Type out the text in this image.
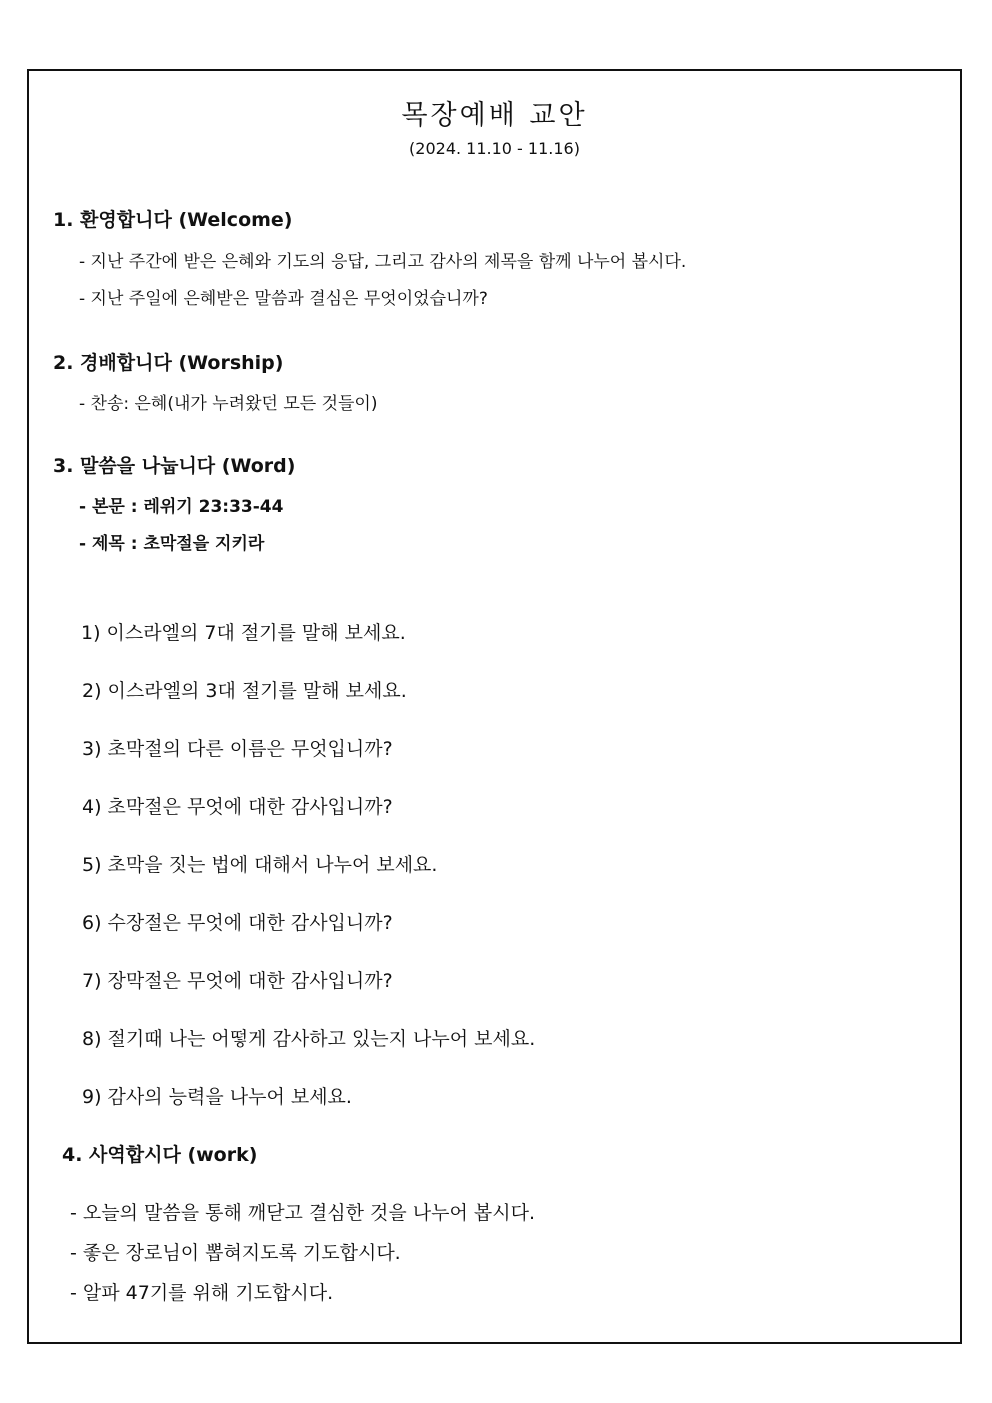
목장예배 교안
(2024. 11.10 - 11.16)
1. 환영합니다 (Welcome)
- 지난 주간에 받은 은혜와 기도의 응답, 그리고 감사의 제목을 함께 나누어 봅시다.
- 지난 주일에 은혜받은 말씀과 결심은 무엇이었습니까?
2. 경배합니다 (Worship)
- 찬송: 은혜(내가 누려왔던 모든 것들이)
3. 말씀을 나눕니다 (Word)
- 본문 : 레위기 23:33-44
- 제목 : 초막절을 지키라
1) 이스라엘의 7대 절기를 말해 보세요.
2) 이스라엘의 3대 절기를 말해 보세요.
3) 초막절의 다른 이름은 무엇입니까?
4) 초막절은 무엇에 대한 감사입니까?
5) 초막을 짓는 법에 대해서 나누어 보세요.
6) 수장절은 무엇에 대한 감사입니까?
7) 장막절은 무엇에 대한 감사입니까?
8) 절기때 나는 어떻게 감사하고 있는지 나누어 보세요.
9) 감사의 능력을 나누어 보세요.
4. 사역합시다 (work)
- 오늘의 말씀을 통해 깨닫고 결심한 것을 나누어 봅시다.
- 좋은 장로님이 뽑혀지도록 기도합시다.
- 알파 47기를 위해 기도합시다.
